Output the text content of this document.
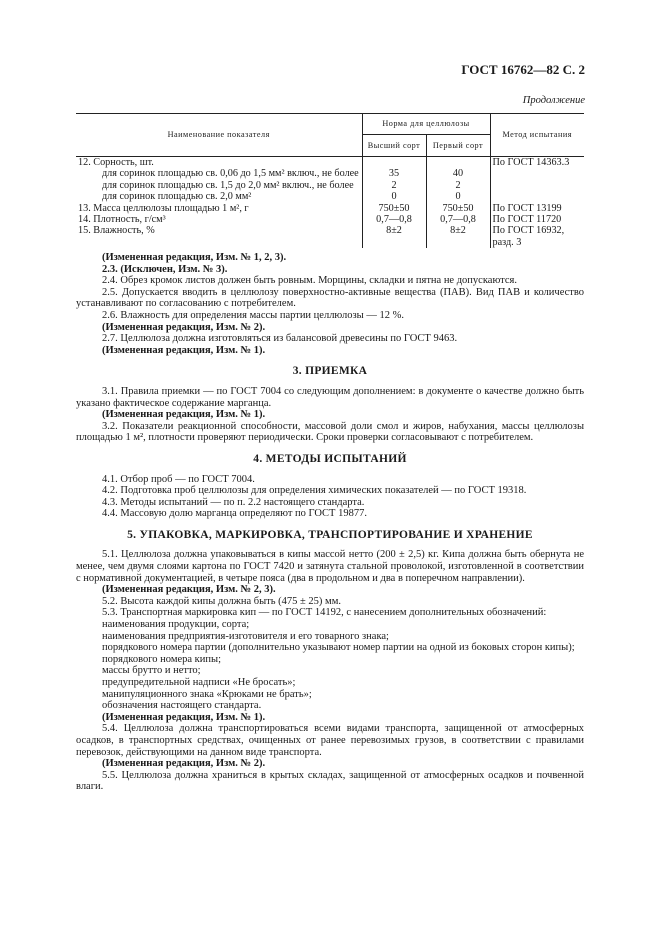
ГОСТ 16762—82 С. 2
Продолжение
Наименование показателя	Норма для целлюлозы		Метод испытания
	Высший сорт	Первый сорт	
12. Сорность, шт.			По ГОСТ 14363.3
для соринок площадью св. 0,06 до 1,5 мм² включ., не более	35	40	
для соринок площадью св. 1,5 до 2,0 мм² включ., не более	2	2	
для соринок площадью св. 2,0 мм²	0	0	
13. Масса целлюлозы площадью 1 м², г	750±50	750±50	По ГОСТ 13199
14. Плотность, г/см³	0,7—0,8	0,7—0,8	По ГОСТ 11720
15. Влажность, %	8±2	8±2	По ГОСТ 16932, разд. 3

(Измененная редакция, Изм. № 1, 2, 3).

2.3. (Исключен, Изм. № 3).

2.4. Обрез кромок листов должен быть ровным. Морщины, складки и пятна не допускаются.

2.5. Допускается вводить в целлюлозу поверхностно-активные вещества (ПАВ). Вид ПАВ и количество устанавливают по согласованию с потребителем.

2.6. Влажность для определения массы партии целлюлозы — 12 %.

(Измененная редакция, Изм. № 2).

2.7. Целлюлоза должна изготовляться из балансовой древесины по ГОСТ 9463.

(Измененная редакция, Изм. № 1).

3. ПРИЕМКА

3.1. Правила приемки — по ГОСТ 7004 со следующим дополнением: в документе о качестве должно быть указано фактическое содержание марганца.

(Измененная редакция, Изм. № 1).

3.2. Показатели реакционной способности, массовой доли смол и жиров, набухания, массы целлюлозы площадью 1 м², плотности проверяют периодически. Сроки проверки согласовывают с потребителем.

4. МЕТОДЫ ИСПЫТАНИЙ

4.1. Отбор проб — по ГОСТ 7004.

4.2. Подготовка проб целлюлозы для определения химических показателей — по ГОСТ 19318.

4.3. Методы испытаний — по п. 2.2 настоящего стандарта.

4.4. Массовую долю марганца определяют по ГОСТ 19877.

5. УПАКОВКА, МАРКИРОВКА, ТРАНСПОРТИРОВАНИЕ И ХРАНЕНИЕ

5.1. Целлюлоза должна упаковываться в кипы массой нетто (200 ± 2,5) кг. Кипа должна быть обернута не менее, чем двумя слоями картона по ГОСТ 7420 и затянута стальной проволокой, изготовленной в соответствии с нормативной документацией, в четыре пояса (два в продольном и два в поперечном направлении).

(Измененная редакция, Изм. № 2, 3).

5.2. Высота каждой кипы должна быть (475 ± 25) мм.

5.3. Транспортная маркировка кип — по ГОСТ 14192, с нанесением дополнительных обозначений:

наименования продукции, сорта;

наименования предприятия-изготовителя и его товарного знака;

порядкового номера партии (дополнительно указывают номер партии на одной из боковых сторон кипы);

порядкового номера кипы;

массы брутто и нетто;

предупредительной надписи «Не бросать»;

манипуляционного знака «Крюками не брать»;

обозначения настоящего стандарта.

(Измененная редакция, Изм. № 1).

5.4. Целлюлоза должна транспортироваться всеми видами транспорта, защищенной от атмосферных осадков, в транспортных средствах, очищенных от ранее перевозимых грузов, в соответствии с правилами перевозок, действующими на данном виде транспорта.

(Измененная редакция, Изм. № 2).

5.5. Целлюлоза должна храниться в крытых складах, защищенной от атмосферных осадков и почвенной влаги.
